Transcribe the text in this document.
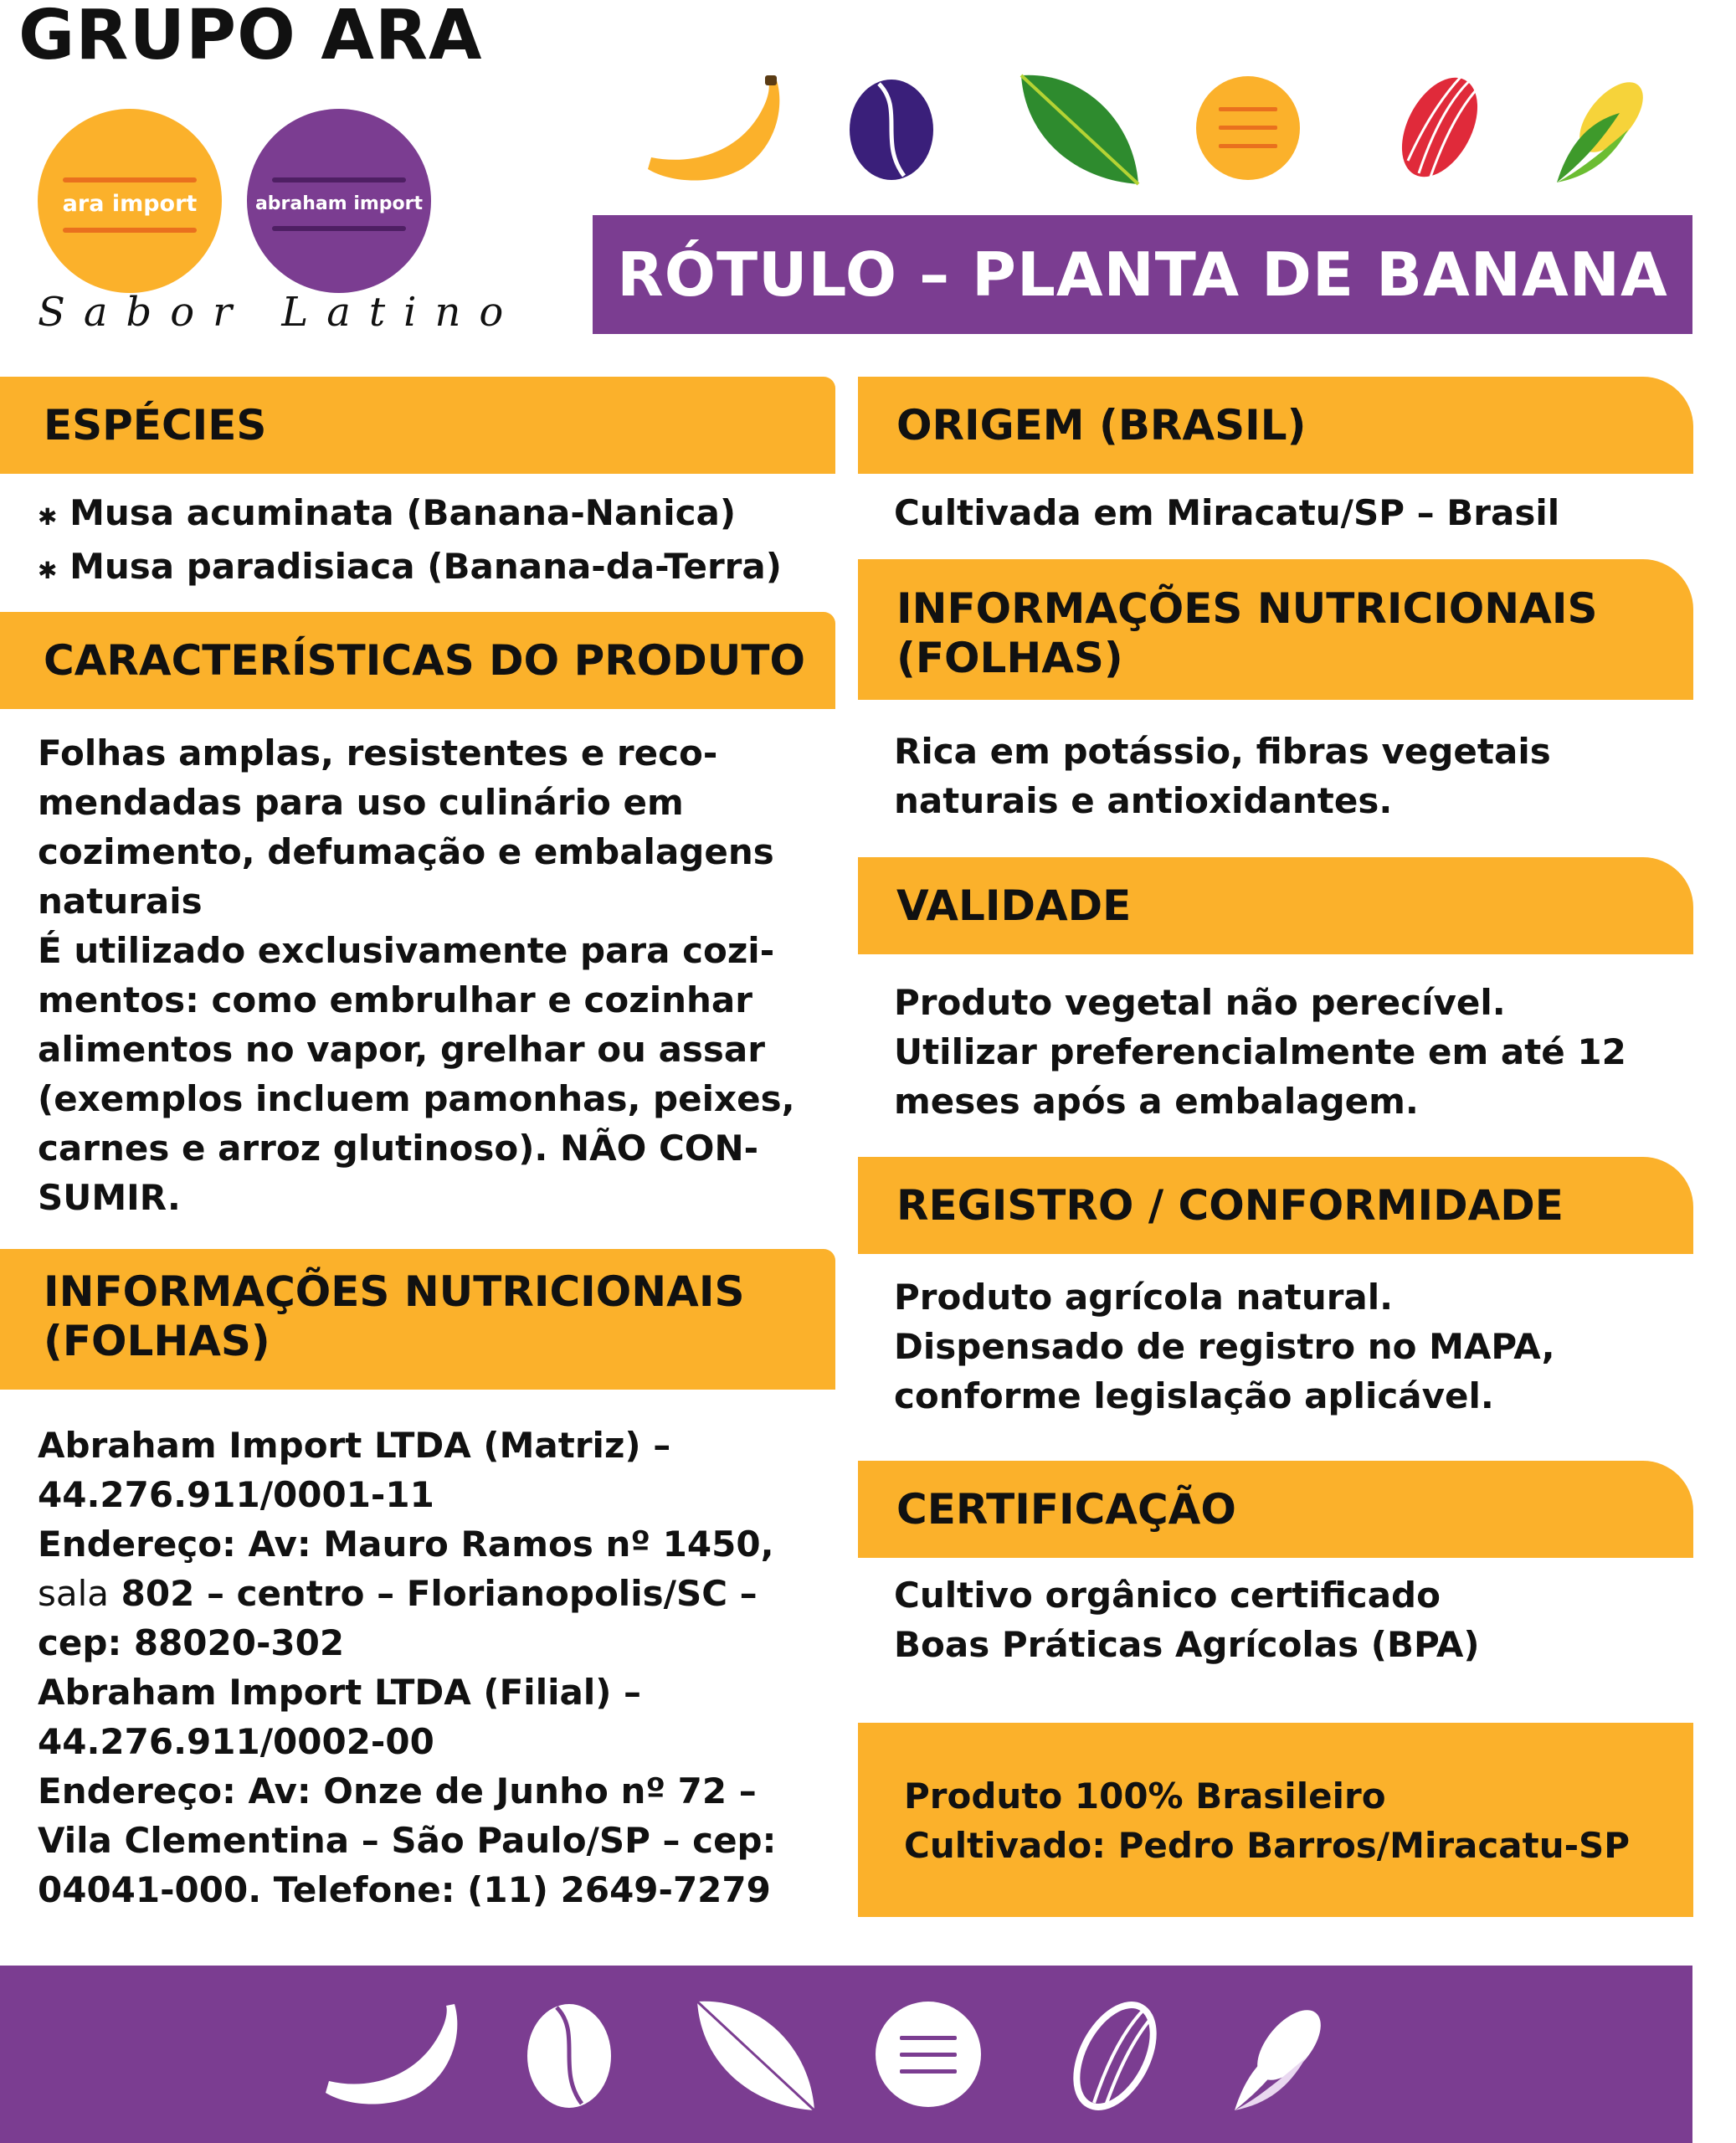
GRUPO ARA
ara import	abraham import
Sabor Latino
RÓTULO – PLANTA DE BANANA
ESPÉCIES
✱ Musa acuminata (Banana-Nanica)
✱ Musa paradisiaca (Banana-da-Terra)
CARACTERÍSTICAS DO PRODUTO
Folhas amplas, resistentes e reco-
mendadas para uso culinário em
cozimento, defumação e embalagens
naturais
É utilizado exclusivamente para cozi-
mentos: como embrulhar e cozinhar
alimentos no vapor, grelhar ou assar
(exemplos incluem pamonhas, peixes,
carnes e arroz glutinoso). NÃO CON-
SUMIR.
INFORMAÇÕES NUTRICIONAIS
(FOLHAS)
Abraham Import LTDA (Matriz) –
44.276.911/0001-11
Endereço: Av: Mauro Ramos nº 1450,
sala 802 – centro – Florianopolis/SC –
cep: 88020-302
Abraham Import LTDA (Filial) –
44.276.911/0002-00
Endereço: Av: Onze de Junho nº 72 –
Vila Clementina – São Paulo/SP – cep:
04041-000. Telefone: (11) 2649-7279
ORIGEM (BRASIL)
Cultivada em Miracatu/SP – Brasil
INFORMAÇÕES NUTRICIONAIS
(FOLHAS)
Rica em potássio, fibras vegetais
naturais e antioxidantes.
VALIDADE
Produto vegetal não perecível.
Utilizar preferencialmente em até 12
meses após a embalagem.
REGISTRO / CONFORMIDADE
Produto agrícola natural.
Dispensado de registro no MAPA,
conforme legislação aplicável.
CERTIFICAÇÃO
Cultivo orgânico certificado
Boas Práticas Agrícolas (BPA)
Produto 100% Brasileiro
Cultivado: Pedro Barros/Miracatu-SP
